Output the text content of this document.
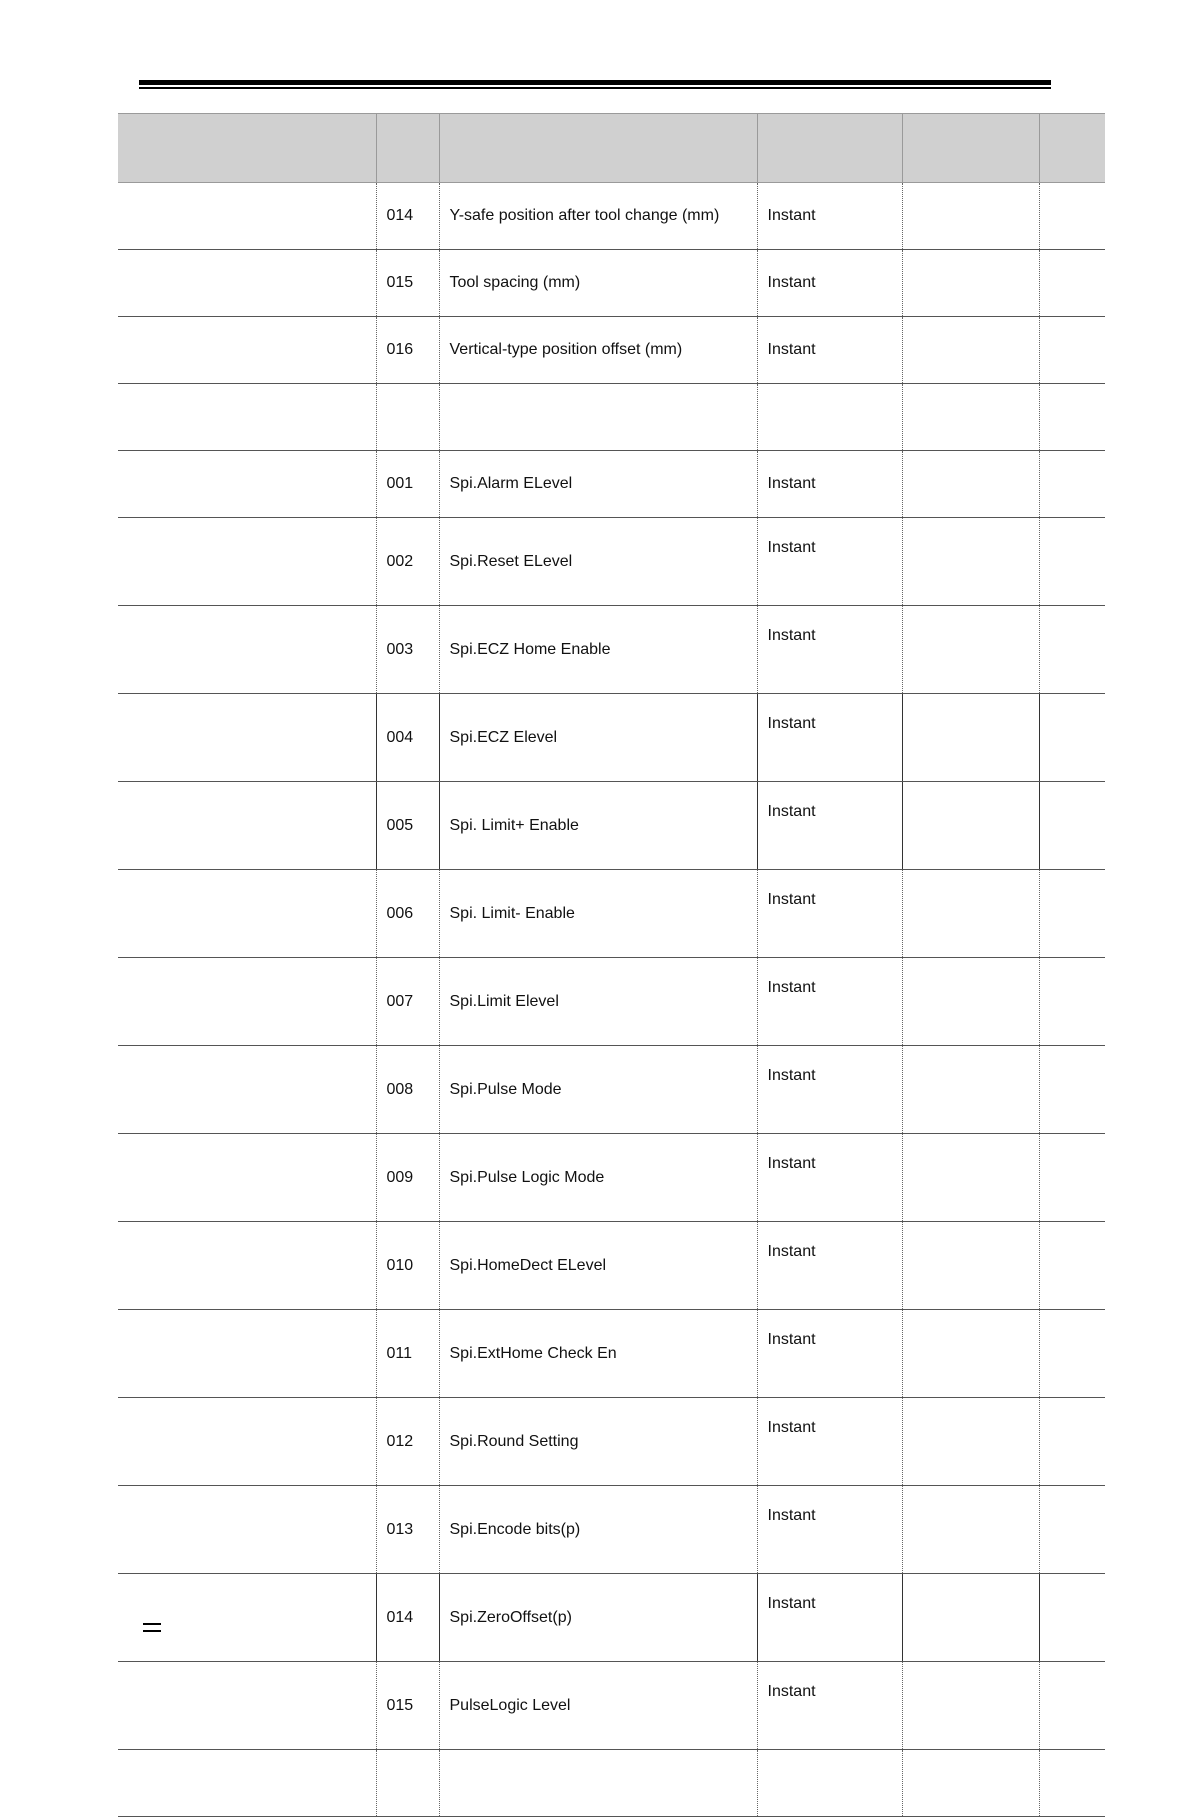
	014	Y-safe position after tool change (mm)	Instant		
	015	Tool spacing (mm)	Instant		
	016	Vertical-type position offset (mm)	Instant		

	001	Spi.Alarm ELevel	Instant		
	002	Spi.Reset ELevel	Instant		
	003	Spi.ECZ Home Enable	Instant		
	004	Spi.ECZ Elevel	Instant		
	005	Spi. Limit+ Enable	Instant		
	006	Spi. Limit- Enable	Instant		
	007	Spi.Limit Elevel	Instant		
	008	Spi.Pulse Mode	Instant		
	009	Spi.Pulse Logic Mode	Instant		
	010	Spi.HomeDect ELevel	Instant		
	011	Spi.ExtHome Check En	Instant		
	012	Spi.Round Setting	Instant		
	013	Spi.Encode bits(p)	Instant		
	014	Spi.ZeroOffset(p)	Instant		
	015	PulseLogic Level	Instant		
